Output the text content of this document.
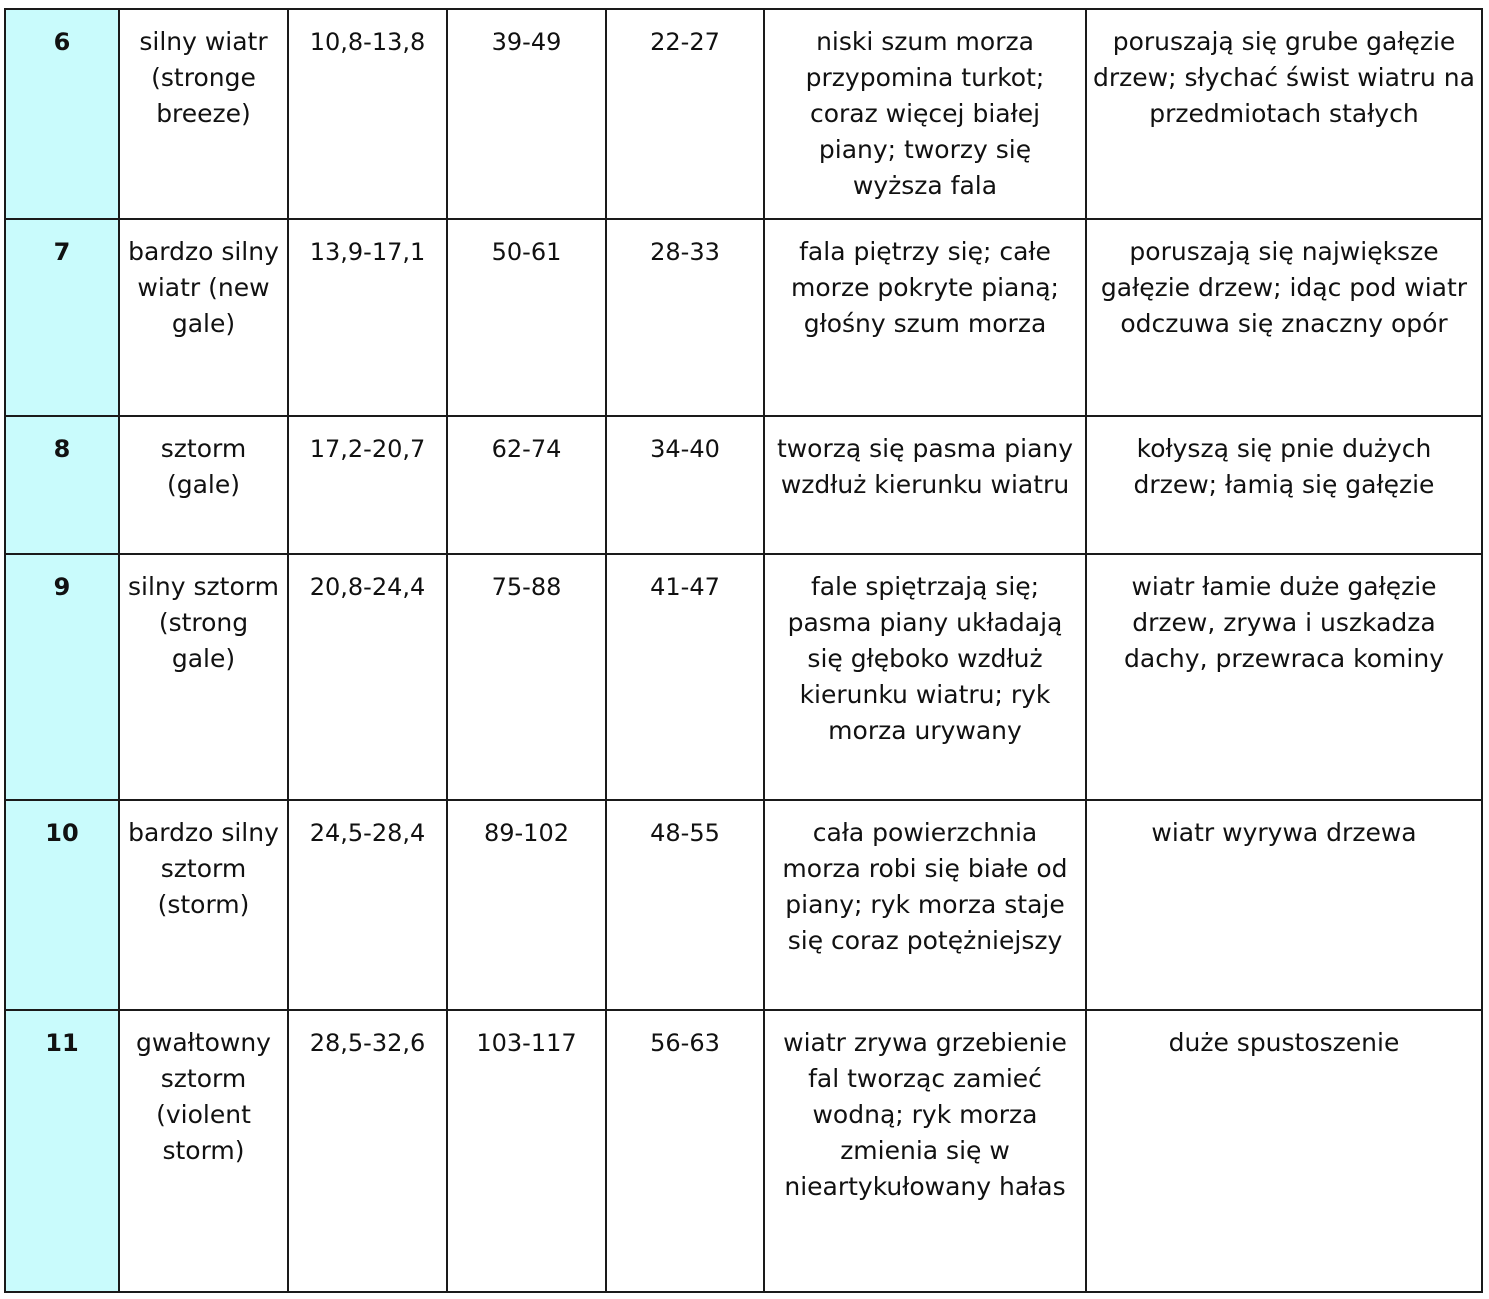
6	silny wiatr (stronge breeze)	10,8-13,8	39-49	22-27	niski szum morza przypomina turkot; coraz więcej białej piany; tworzy się wyższa fala	poruszają się grube gałęzie drzew; słychać świst wiatru na przedmiotach stałych
7	bardzo silny wiatr (new gale)	13,9-17,1	50-61	28-33	fala piętrzy się; całe morze pokryte pianą; głośny szum morza	poruszają się największe gałęzie drzew; idąc pod wiatr odczuwa się znaczny opór
8	sztorm (gale)	17,2-20,7	62-74	34-40	tworzą się pasma piany wzdłuż kierunku wiatru	kołyszą się pnie dużych drzew; łamią się gałęzie
9	silny sztorm (strong gale)	20,8-24,4	75-88	41-47	fale spiętrzają się; pasma piany układają się głęboko wzdłuż kierunku wiatru; ryk morza urywany	wiatr łamie duże gałęzie drzew, zrywa i uszkadza dachy, przewraca kominy
10	bardzo silny sztorm (storm)	24,5-28,4	89-102	48-55	cała powierzchnia morza robi się białe od piany; ryk morza staje się coraz potężniejszy	wiatr wyrywa drzewa
11	gwałtowny sztorm (violent storm)	28,5-32,6	103-117	56-63	wiatr zrywa grzebienie fal tworząc zamieć wodną; ryk morza zmienia się w nieartykułowany hałas	duże spustoszenie
